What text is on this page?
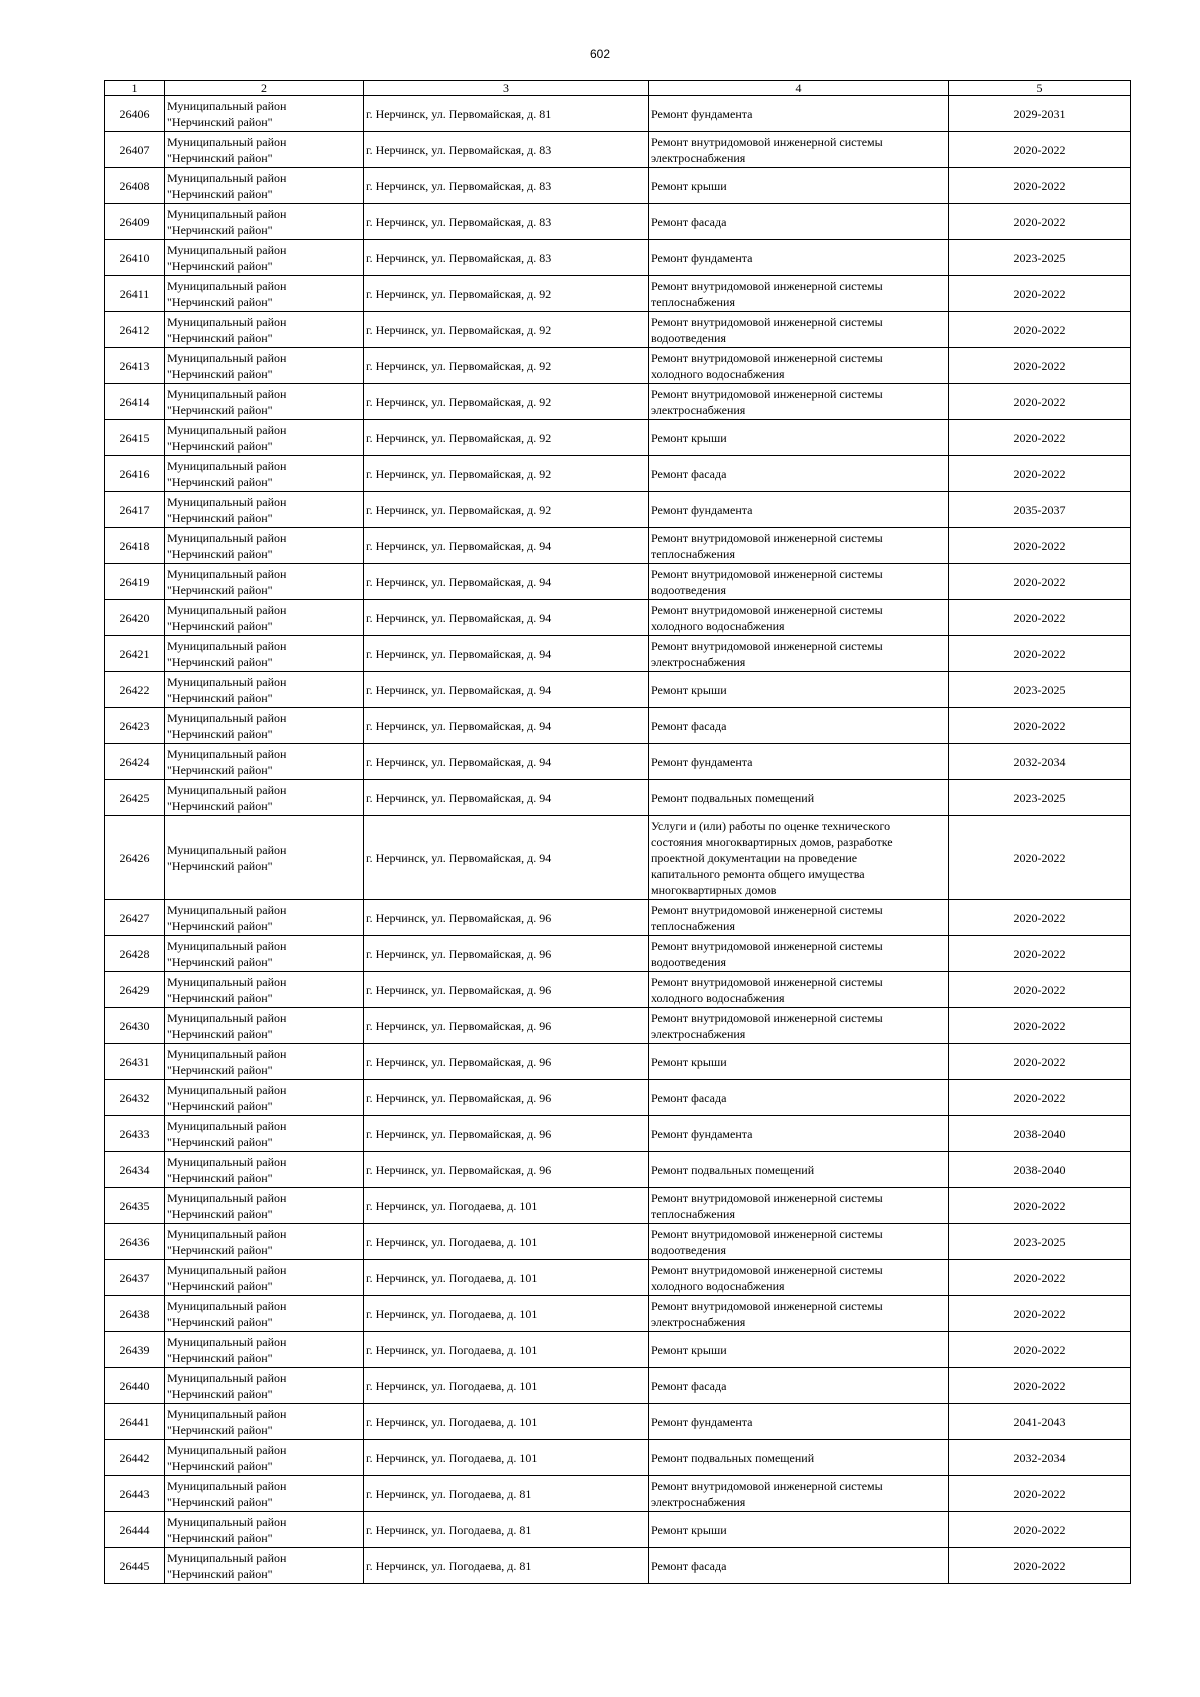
602
1	2	3	4	5
26406	Муниципальный район
"Нерчинский район"	г. Нерчинск, ул. Первомайская, д. 81	Ремонт фундамента	2029-2031
26407	Муниципальный район
"Нерчинский район"	г. Нерчинск, ул. Первомайская, д. 83	Ремонт внутридомовой инженерной системы
электроснабжения	2020-2022
26408	Муниципальный район
"Нерчинский район"	г. Нерчинск, ул. Первомайская, д. 83	Ремонт крыши	2020-2022
26409	Муниципальный район
"Нерчинский район"	г. Нерчинск, ул. Первомайская, д. 83	Ремонт фасада	2020-2022
26410	Муниципальный район
"Нерчинский район"	г. Нерчинск, ул. Первомайская, д. 83	Ремонт фундамента	2023-2025
26411	Муниципальный район
"Нерчинский район"	г. Нерчинск, ул. Первомайская, д. 92	Ремонт внутридомовой инженерной системы
теплоснабжения	2020-2022
26412	Муниципальный район
"Нерчинский район"	г. Нерчинск, ул. Первомайская, д. 92	Ремонт внутридомовой инженерной системы
водоотведения	2020-2022
26413	Муниципальный район
"Нерчинский район"	г. Нерчинск, ул. Первомайская, д. 92	Ремонт внутридомовой инженерной системы
холодного водоснабжения	2020-2022
26414	Муниципальный район
"Нерчинский район"	г. Нерчинск, ул. Первомайская, д. 92	Ремонт внутридомовой инженерной системы
электроснабжения	2020-2022
26415	Муниципальный район
"Нерчинский район"	г. Нерчинск, ул. Первомайская, д. 92	Ремонт крыши	2020-2022
26416	Муниципальный район
"Нерчинский район"	г. Нерчинск, ул. Первомайская, д. 92	Ремонт фасада	2020-2022
26417	Муниципальный район
"Нерчинский район"	г. Нерчинск, ул. Первомайская, д. 92	Ремонт фундамента	2035-2037
26418	Муниципальный район
"Нерчинский район"	г. Нерчинск, ул. Первомайская, д. 94	Ремонт внутридомовой инженерной системы
теплоснабжения	2020-2022
26419	Муниципальный район
"Нерчинский район"	г. Нерчинск, ул. Первомайская, д. 94	Ремонт внутридомовой инженерной системы
водоотведения	2020-2022
26420	Муниципальный район
"Нерчинский район"	г. Нерчинск, ул. Первомайская, д. 94	Ремонт внутридомовой инженерной системы
холодного водоснабжения	2020-2022
26421	Муниципальный район
"Нерчинский район"	г. Нерчинск, ул. Первомайская, д. 94	Ремонт внутридомовой инженерной системы
электроснабжения	2020-2022
26422	Муниципальный район
"Нерчинский район"	г. Нерчинск, ул. Первомайская, д. 94	Ремонт крыши	2023-2025
26423	Муниципальный район
"Нерчинский район"	г. Нерчинск, ул. Первомайская, д. 94	Ремонт фасада	2020-2022
26424	Муниципальный район
"Нерчинский район"	г. Нерчинск, ул. Первомайская, д. 94	Ремонт фундамента	2032-2034
26425	Муниципальный район
"Нерчинский район"	г. Нерчинск, ул. Первомайская, д. 94	Ремонт подвальных помещений	2023-2025
26426	Муниципальный район
"Нерчинский район"	г. Нерчинск, ул. Первомайская, д. 94	Услуги и (или) работы по оценке технического
состояния многоквартирных домов, разработке
проектной документации на проведение
капитального ремонта общего имущества
многоквартирных домов	2020-2022
26427	Муниципальный район
"Нерчинский район"	г. Нерчинск, ул. Первомайская, д. 96	Ремонт внутридомовой инженерной системы
теплоснабжения	2020-2022
26428	Муниципальный район
"Нерчинский район"	г. Нерчинск, ул. Первомайская, д. 96	Ремонт внутридомовой инженерной системы
водоотведения	2020-2022
26429	Муниципальный район
"Нерчинский район"	г. Нерчинск, ул. Первомайская, д. 96	Ремонт внутридомовой инженерной системы
холодного водоснабжения	2020-2022
26430	Муниципальный район
"Нерчинский район"	г. Нерчинск, ул. Первомайская, д. 96	Ремонт внутридомовой инженерной системы
электроснабжения	2020-2022
26431	Муниципальный район
"Нерчинский район"	г. Нерчинск, ул. Первомайская, д. 96	Ремонт крыши	2020-2022
26432	Муниципальный район
"Нерчинский район"	г. Нерчинск, ул. Первомайская, д. 96	Ремонт фасада	2020-2022
26433	Муниципальный район
"Нерчинский район"	г. Нерчинск, ул. Первомайская, д. 96	Ремонт фундамента	2038-2040
26434	Муниципальный район
"Нерчинский район"	г. Нерчинск, ул. Первомайская, д. 96	Ремонт подвальных помещений	2038-2040
26435	Муниципальный район
"Нерчинский район"	г. Нерчинск, ул. Погодаева, д. 101	Ремонт внутридомовой инженерной системы
теплоснабжения	2020-2022
26436	Муниципальный район
"Нерчинский район"	г. Нерчинск, ул. Погодаева, д. 101	Ремонт внутридомовой инженерной системы
водоотведения	2023-2025
26437	Муниципальный район
"Нерчинский район"	г. Нерчинск, ул. Погодаева, д. 101	Ремонт внутридомовой инженерной системы
холодного водоснабжения	2020-2022
26438	Муниципальный район
"Нерчинский район"	г. Нерчинск, ул. Погодаева, д. 101	Ремонт внутридомовой инженерной системы
электроснабжения	2020-2022
26439	Муниципальный район
"Нерчинский район"	г. Нерчинск, ул. Погодаева, д. 101	Ремонт крыши	2020-2022
26440	Муниципальный район
"Нерчинский район"	г. Нерчинск, ул. Погодаева, д. 101	Ремонт фасада	2020-2022
26441	Муниципальный район
"Нерчинский район"	г. Нерчинск, ул. Погодаева, д. 101	Ремонт фундамента	2041-2043
26442	Муниципальный район
"Нерчинский район"	г. Нерчинск, ул. Погодаева, д. 101	Ремонт подвальных помещений	2032-2034
26443	Муниципальный район
"Нерчинский район"	г. Нерчинск, ул. Погодаева, д. 81	Ремонт внутридомовой инженерной системы
электроснабжения	2020-2022
26444	Муниципальный район
"Нерчинский район"	г. Нерчинск, ул. Погодаева, д. 81	Ремонт крыши	2020-2022
26445	Муниципальный район
"Нерчинский район"	г. Нерчинск, ул. Погодаева, д. 81	Ремонт фасада	2020-2022
